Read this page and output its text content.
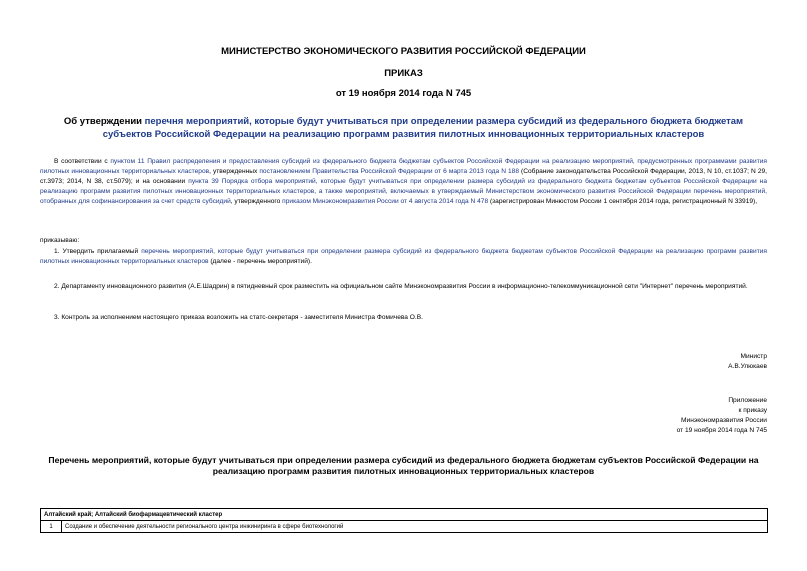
МИНИСТЕРСТВО ЭКОНОМИЧЕСКОГО РАЗВИТИЯ РОССИЙСКОЙ ФЕДЕРАЦИИ
ПРИКАЗ
от 19 ноября 2014 года N 745
Об утверждении перечня мероприятий, которые будут учитываться при определении размера субсидий из федерального бюджета бюджетам субъектов Российской Федерации на реализацию программ развития пилотных инновационных территориальных кластеров
В соответствии с пунктом 11 Правил распределения и предоставления субсидий из федерального бюджета бюджетам субъектов Российской Федерации на реализацию мероприятий, предусмотренных программами развития пилотных инновационных территориальных кластеров, утвержденных постановлением Правительства Российской Федерации от 6 марта 2013 года N 188 (Собрание законодательства Российской Федерации, 2013, N 10, ст.1037; N 29, ст.3973; 2014, N 38, ст.5079); и на основании пункта 39 Порядка отбора мероприятий, которые будут учитываться при определении размера субсидий из федерального бюджета бюджетам субъектов Российской Федерации на реализацию программ развития пилотных инновационных территориальных кластеров, а также мероприятий, включаемых в утверждаемый Министерством экономического развития Российской Федерации перечень мероприятий, отобранных для софинансирования за счет средств субсидий, утвержденного приказом Минэкономразвития России от 4 августа 2014 года N 478 (зарегистрирован Минюстом России 1 сентября 2014 года, регистрационный N 33919),
приказываю:
1. Утвердить прилагаемый перечень мероприятий, которые будут учитываться при определении размера субсидий из федерального бюджета бюджетам субъектов Российской Федерации на реализацию программ развития пилотных инновационных территориальных кластеров (далее - перечень мероприятий).
2. Департаменту инновационного развития (А.Е.Шадрин) в пятидневный срок разместить на официальном сайте Минэкономразвития России в информационно-телекоммуникационной сети "Интернет" перечень мероприятий.
3. Контроль за исполнением настоящего приказа возложить на статс-секретаря - заместителя Министра Фомичева О.В.
Министр
А.В.Улюкаев
Приложение
к приказу
Минэкономразвития России
от 19 ноября 2014 года N 745
Перечень мероприятий, которые будут учитываться при определении размера субсидий из федерального бюджета бюджетам субъектов Российской Федерации на реализацию программ развития пилотных инновационных территориальных кластеров
Алтайский край; Алтайский биофармацевтический кластер
1	Создание и обеспечение деятельности регионального центра инжиниринга в сфере биотехнологий
